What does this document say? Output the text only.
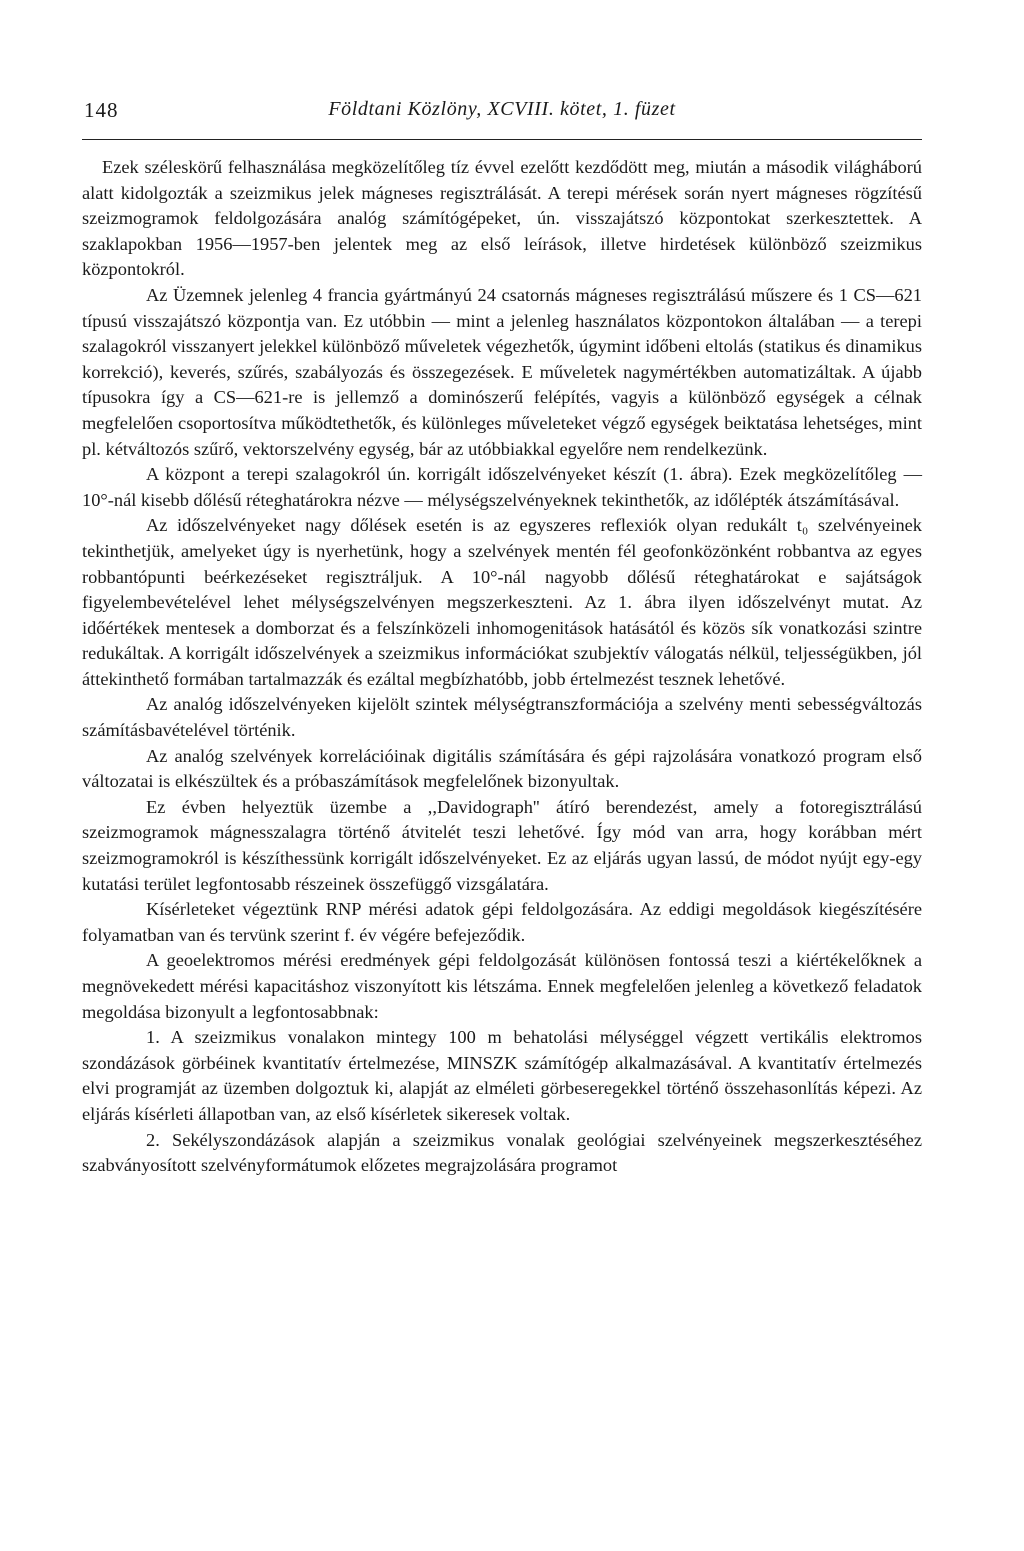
148	Földtani Közlöny, XCVIII. kötet, 1. füzet

Ezek széleskörű felhasználása megközelítőleg tíz évvel ezelőtt kezdődött meg, miután a második világháború alatt kidolgozták a szeizmikus jelek mágneses regisztrálását. A terepi mérések során nyert mágneses rögzítésű szeizmogramok feldolgozására analóg számítógépeket, ún. visszajátszó központokat szerkesztettek. A szaklapokban 1956—1957-ben jelentek meg az első leírások, illetve hirdetések különböző szeizmikus központokról.

Az Üzemnek jelenleg 4 francia gyártmányú 24 csatornás mágneses regisztrálású műszere és 1 CS—621 típusú visszajátszó központja van. Ez utóbbin — mint a jelenleg használatos központokon általában — a terepi szalagokról visszanyert jelekkel különböző műveletek végezhetők, úgymint időbeni eltolás (statikus és dinamikus korrekció), keverés, szűrés, szabályozás és összegezések. E műveletek nagymértékben automatizáltak. A újabb típusokra így a CS—621-re is jellemző a dominószerű felépítés, vagyis a különböző egységek a célnak megfelelően csoportosítva működtethetők, és különleges műveleteket végző egységek beiktatása lehetséges, mint pl. kétváltozós szűrő, vektorszelvény egység, bár az utóbbiakkal egyelőre nem rendelkezünk.

A központ a terepi szalagokról ún. korrigált időszelvényeket készít (1. ábra). Ezek megközelítőleg —10°-nál kisebb dőlésű réteghatárokra nézve — mélységszelvényeknek tekinthetők, az időlépték átszámításával.

Az időszelvényeket nagy dőlések esetén is az egyszeres reflexiók olyan redukált t₀ szelvényeinek tekinthetjük, amelyeket úgy is nyerhetünk, hogy a szelvények mentén fél geofonközönként robbantva az egyes robbantópunti beérkezéseket regisztráljuk. A 10°-nál nagyobb dőlésű réteghatárokat e sajátságok figyelembevételével lehet mélységszelvényen megszerkeszteni. Az 1. ábra ilyen időszelvényt mutat. Az időértékek mentesek a domborzat és a felszínközeli inhomogenitások hatásától és közös sík vonatkozási szintre redukáltak. A korrigált időszelvények a szeizmikus információkat szubjektív válogatás nélkül, teljességükben, jól áttekinthető formában tartalmazzák és ezáltal megbízhatóbb, jobb értelmezést tesznek lehetővé.

Az analóg időszelvényeken kijelölt szintek mélységtranszformációja a szelvény menti sebességváltozás számításbavételével történik.

Az analóg szelvények korrelációinak digitális számítására és gépi rajzolására vonatkozó program első változatai is elkészültek és a próbaszámítások megfelelőnek bizonyultak.

Ez évben helyeztük üzembe a ,,Davidograph'' átíró berendezést, amely a fotoregisztrálású szeizmogramok mágnesszalagra történő átvitelét teszi lehetővé. Így mód van arra, hogy korábban mért szeizmogramokról is készíthessünk korrigált időszelvényeket. Ez az eljárás ugyan lassú, de módot nyújt egy-egy kutatási terület legfontosabb részeinek összefüggő vizsgálatára.

Kísérleteket végeztünk RNP mérési adatok gépi feldolgozására. Az eddigi megoldások kiegészítésére folyamatban van és tervünk szerint f. év végére befejeződik.

A geoelektromos mérési eredmények gépi feldolgozását különösen fontossá teszi a kiértékelőknek a megnövekedett mérési kapacitáshoz viszonyított kis létszáma. Ennek megfelelően jelenleg a következő feladatok megoldása bizonyult a legfontosabbnak:

1. A szeizmikus vonalakon mintegy 100 m behatolási mélységgel végzett vertikális elektromos szondázások görbéinek kvantitatív értelmezése, MINSZK számítógép alkalmazásával. A kvantitatív értelmezés elvi programját az üzemben dolgoztuk ki, alapját az elméleti görbeseregekkel történő összehasonlítás képezi. Az eljárás kísérleti állapotban van, az első kísérletek sikeresek voltak.

2. Sekélyszondázások alapján a szeizmikus vonalak geológiai szelvényeinek megszerkesztéséhez szabványosított szelvényformátumok előzetes megrajzolására programot
